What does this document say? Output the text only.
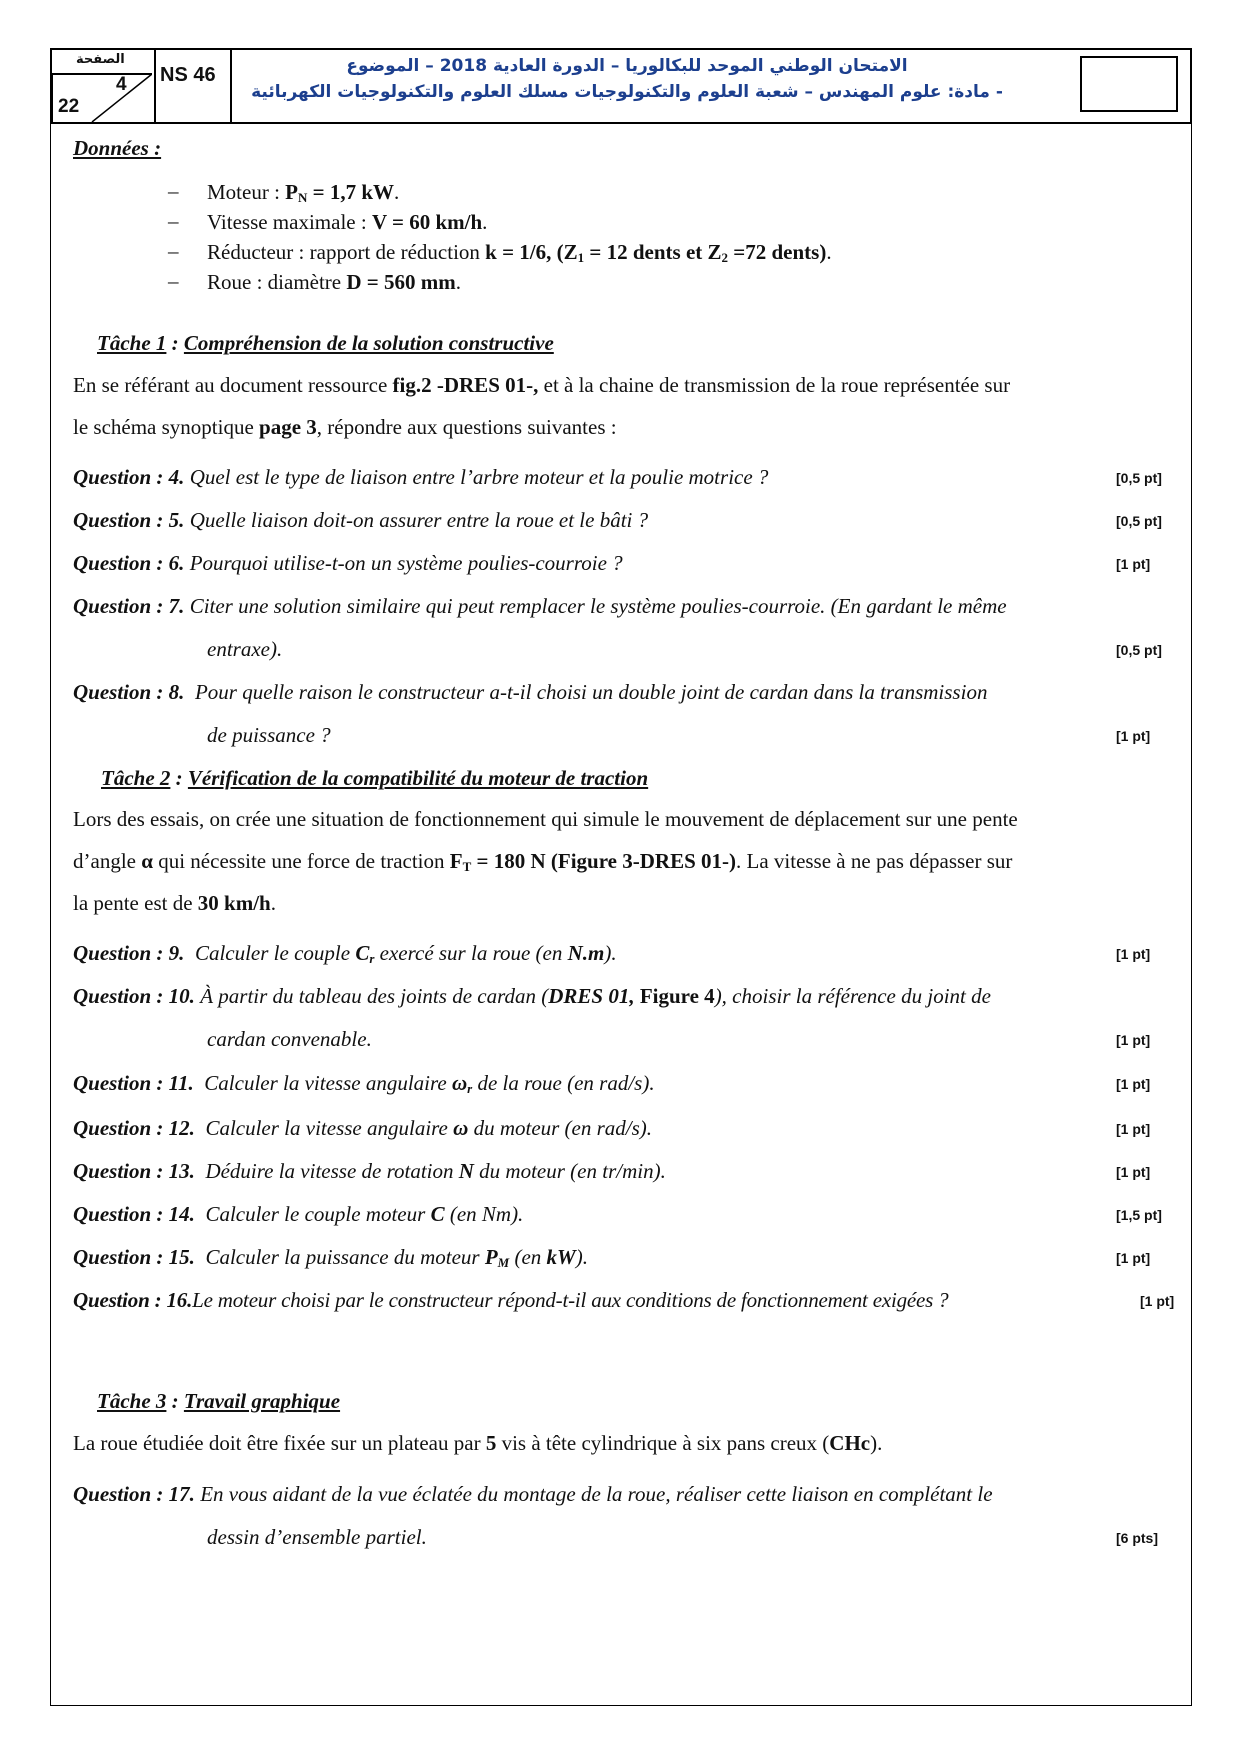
الصفحة
4
22
NS 46	الامتحان الوطني الموحد للبكالوريا – الدورة العادية 2018 – الموضوع
- مادة: علوم المهندس – شعبة العلوم والتكنولوجيات مسلك العلوم والتكنولوجيات الكهربائية
Données :
– Moteur : $P_N = 1,7$ kW.
– Vitesse maximale : V = 60 km/h.
– Réducteur : rapport de réduction k = 1/6, ($Z_1 = 12$ dents et $Z_2 =72$ dents).
– Roue : diamètre D = 560 mm.
Tâche 1 : Compréhension de la solution constructive
En se référant au document ressource fig.2 -DRES 01-, et à la chaine de transmission de la roue représentée sur
le schéma synoptique page 3, répondre aux questions suivantes :
Question : 4. Quel est le type de liaison entre l’arbre moteur et la poulie motrice ?	[0,5 pt]
Question : 5. Quelle liaison doit-on assurer entre la roue et le bâti ?	[0,5 pt]
Question : 6. Pourquoi utilise-t-on un système poulies-courroie ?	[1 pt]
Question : 7. Citer une solution similaire qui peut remplacer le système poulies-courroie. (En gardant le même
entraxe).	[0,5 pt]
Question : 8. Pour quelle raison le constructeur a-t-il choisi un double joint de cardan dans la transmission
de puissance ?	[1 pt]
Tâche 2 : Vérification de la compatibilité du moteur de traction
Lors des essais, on crée une situation de fonctionnement qui simule le mouvement de déplacement sur une pente
d’angle α qui nécessite une force de traction $F_T = 180$ N (Figure 3-DRES 01-). La vitesse à ne pas dépasser sur
la pente est de 30 km/h.
Question : 9. Calculer le couple $C_r$ exercé sur la roue (en N.m).	[1 pt]
Question : 10. À partir du tableau des joints de cardan (DRES 01, Figure 4), choisir la référence du joint de
cardan convenable.	[1 pt]
Question : 11. Calculer la vitesse angulaire $\omega_r$ de la roue (en rad/s).	[1 pt]
Question : 12. Calculer la vitesse angulaire ω du moteur (en rad/s).	[1 pt]
Question : 13. Déduire la vitesse de rotation N du moteur (en tr/min).	[1 pt]
Question : 14. Calculer le couple moteur C (en Nm).	[1,5 pt]
Question : 15. Calculer la puissance du moteur $P_M$ (en kW).	[1 pt]
Question : 16.Le moteur choisi par le constructeur répond-t-il aux conditions de fonctionnement exigées ?	[1 pt]
Tâche 3 : Travail graphique
La roue étudiée doit être fixée sur un plateau par 5 vis à tête cylindrique à six pans creux (CHc).
Question : 17. En vous aidant de la vue éclatée du montage de la roue, réaliser cette liaison en complétant le
dessin d’ensemble partiel.	[6 pts]
